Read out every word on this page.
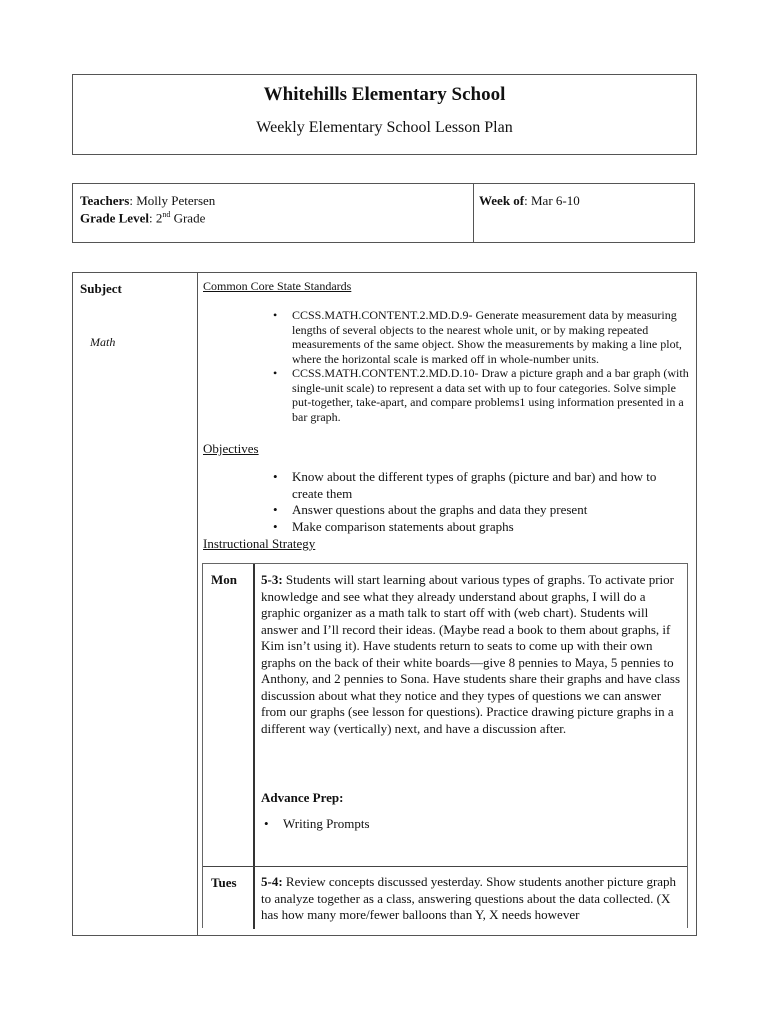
Whitehills Elementary School
Weekly Elementary School Lesson Plan
Teachers: Molly Petersen
Grade Level: 2nd Grade
Week of: Mar 6-10
Subject
Math
Common Core State Standards
• CCSS.MATH.CONTENT.2.MD.D.9- Generate measurement data by measuring lengths of several objects to the nearest whole unit, or by making repeated measurements of the same object. Show the measurements by making a line plot, where the horizontal scale is marked off in whole-number units.
• CCSS.MATH.CONTENT.2.MD.D.10- Draw a picture graph and a bar graph (with single-unit scale) to represent a data set with up to four categories. Solve simple put-together, take-apart, and compare problems1 using information presented in a bar graph.
Objectives
• Know about the different types of graphs (picture and bar) and how to create them
• Answer questions about the graphs and data they present
• Make comparison statements about graphs
Instructional Strategy
Mon 5-3: Students will start learning about various types of graphs. To activate prior knowledge and see what they already understand about graphs, I will do a graphic organizer as a math talk to start off with (web chart). Students will answer and I’ll record their ideas. (Maybe read a book to them about graphs, if Kim isn’t using it). Have students return to seats to come up with their own graphs on the back of their white boards—give 8 pennies to Maya, 5 pennies to Anthony, and 2 pennies to Sona. Have students share their graphs and have class discussion about what they notice and they types of questions we can answer from our graphs (see lesson for questions). Practice drawing picture graphs in a different way (vertically) next, and have a discussion after.
Advance Prep:
• Writing Prompts
Tues 5-4: Review concepts discussed yesterday. Show students another picture graph to analyze together as a class, answering questions about the data collected. (X has how many more/fewer balloons than Y, X needs however
